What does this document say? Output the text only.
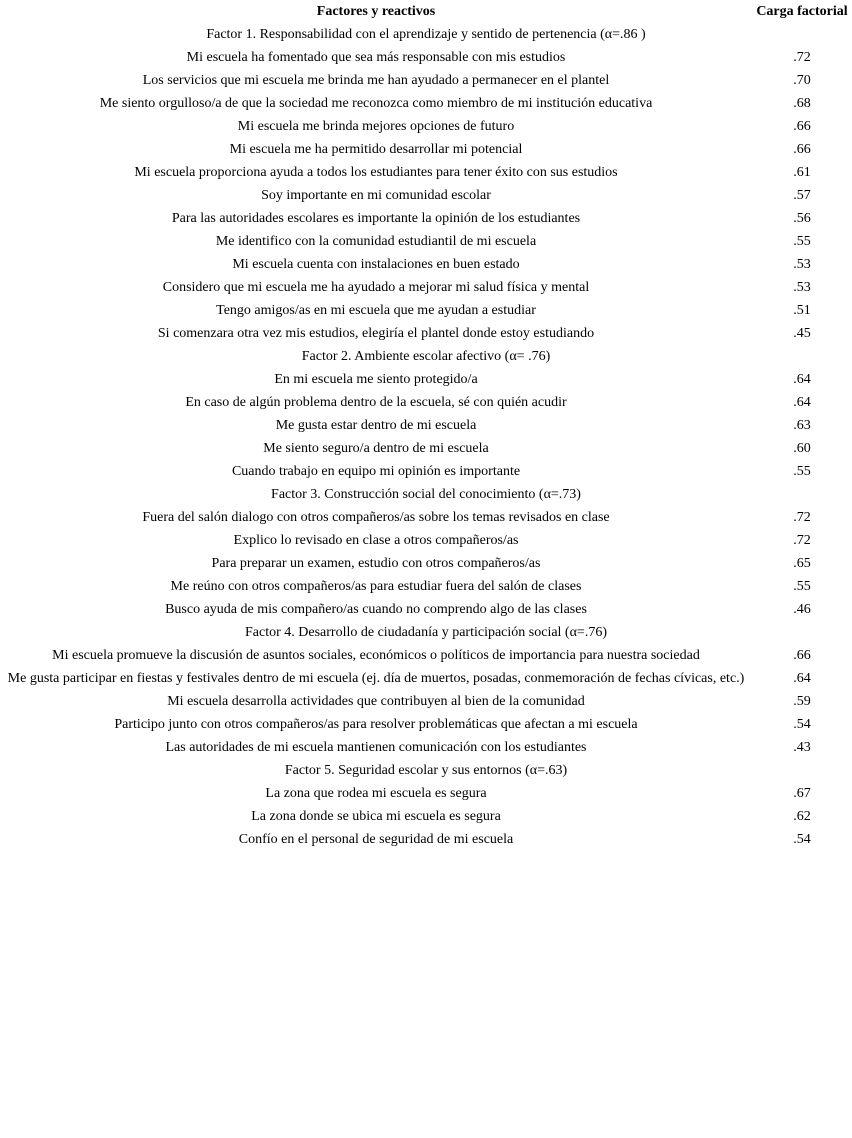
Factores y reactivos	Carga factorial
Factor 1. Responsabilidad con el aprendizaje y sentido de pertenencia (α=.86 )
Mi escuela ha fomentado que sea más responsable con mis estudios	.72
Los servicios que mi escuela me brinda me han ayudado a permanecer en el plantel	.70
Me siento orgulloso/a de que la sociedad me reconozca como miembro de mi institución educativa	.68
Mi escuela me brinda mejores opciones de futuro	.66
Mi escuela me ha permitido desarrollar mi potencial	.66
Mi escuela proporciona ayuda a todos los estudiantes para tener éxito con sus estudios	.61
Soy importante en mi comunidad escolar	.57
Para las autoridades escolares es importante la opinión de los estudiantes	.56
Me identifico con la comunidad estudiantil de mi escuela	.55
Mi escuela cuenta con instalaciones en buen estado	.53
Considero que mi escuela me ha ayudado a mejorar mi salud física y mental	.53
Tengo amigos/as en mi escuela que me ayudan a estudiar	.51
Si comenzara otra vez mis estudios, elegiría el plantel donde estoy estudiando	.45
Factor 2. Ambiente escolar afectivo (α= .76)
En mi escuela me siento protegido/a	.64
En caso de algún problema dentro de la escuela, sé con quién acudir	.64
Me gusta estar dentro de mi escuela	.63
Me siento seguro/a dentro de mi escuela	.60
Cuando trabajo en equipo mi opinión es importante	.55
Factor 3. Construcción social del conocimiento (α=.73)
Fuera del salón dialogo con otros compañeros/as sobre los temas revisados en clase	.72
Explico lo revisado en clase a otros compañeros/as	.72
Para preparar un examen, estudio con otros compañeros/as	.65
Me reúno con otros compañeros/as para estudiar fuera del salón de clases	.55
Busco ayuda de mis compañero/as cuando no comprendo algo de las clases	.46
Factor 4. Desarrollo de ciudadanía y participación social (α=.76)
Mi escuela promueve la discusión de asuntos sociales, económicos o políticos de importancia para nuestra sociedad	.66
Me gusta participar en fiestas y festivales dentro de mi escuela (ej. día de muertos, posadas, conmemoración de fechas cívicas, etc.)	.64
Mi escuela desarrolla actividades que contribuyen al bien de la comunidad	.59
Participo junto con otros compañeros/as para resolver problemáticas que afectan a mi escuela	.54
Las autoridades de mi escuela mantienen comunicación con los estudiantes	.43
Factor 5. Seguridad escolar y sus entornos (α=.63)
La zona que rodea mi escuela es segura	.67
La zona donde se ubica mi escuela es segura	.62
Confío en el personal de seguridad de mi escuela	.54
